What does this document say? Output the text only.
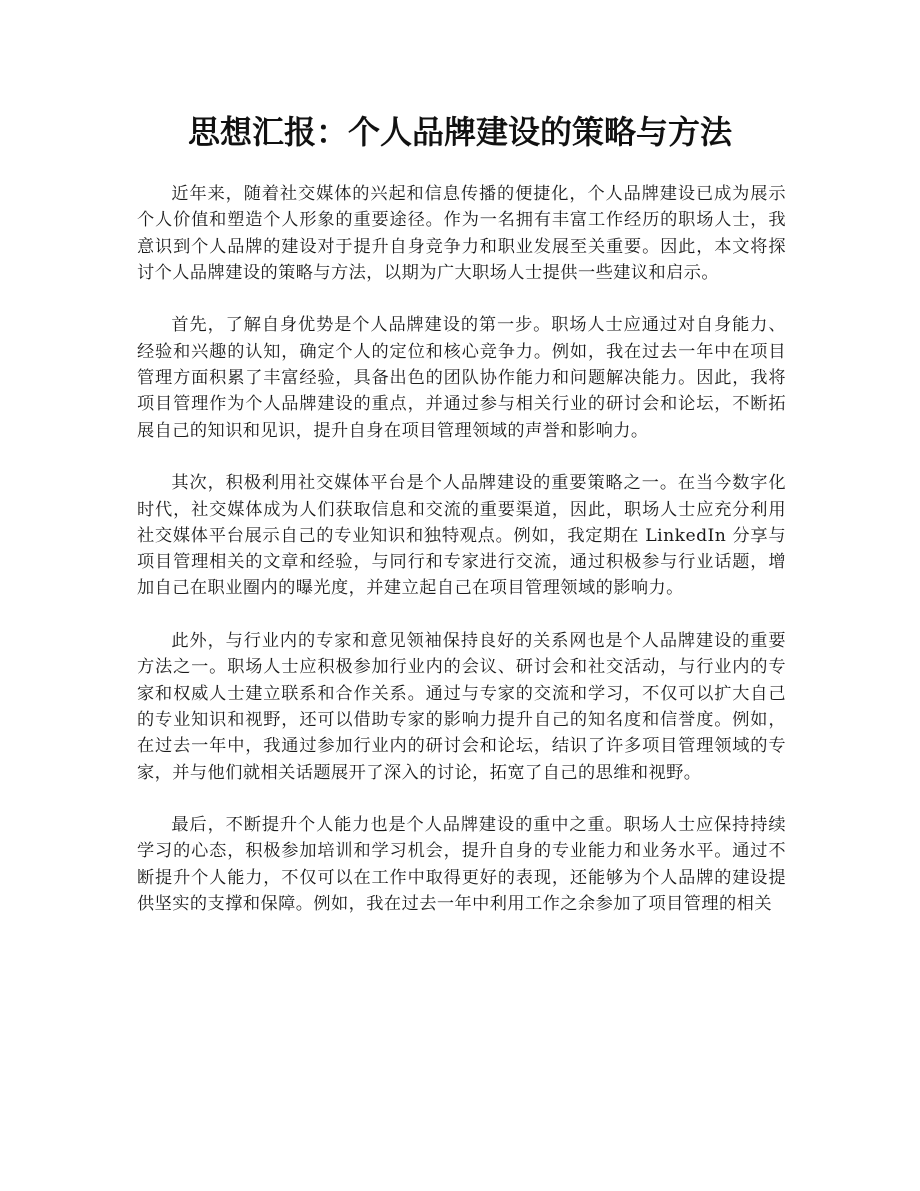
思想汇报：个人品牌建设的策略与方法

近年来，随着社交媒体的兴起和信息传播的便捷化，个人品牌建设已成为展示个人价值和塑造个人形象的重要途径。作为一名拥有丰富工作经历的职场人士，我意识到个人品牌的建设对于提升自身竞争力和职业发展至关重要。因此，本文将探讨个人品牌建设的策略与方法，以期为广大职场人士提供一些建议和启示。

首先，了解自身优势是个人品牌建设的第一步。职场人士应通过对自身能力、经验和兴趣的认知，确定个人的定位和核心竞争力。例如，我在过去一年中在项目管理方面积累了丰富经验，具备出色的团队协作能力和问题解决能力。因此，我将项目管理作为个人品牌建设的重点，并通过参与相关行业的研讨会和论坛，不断拓展自己的知识和见识，提升自身在项目管理领域的声誉和影响力。

其次，积极利用社交媒体平台是个人品牌建设的重要策略之一。在当今数字化时代，社交媒体成为人们获取信息和交流的重要渠道，因此，职场人士应充分利用社交媒体平台展示自己的专业知识和独特观点。例如，我定期在 LinkedIn 分享与项目管理相关的文章和经验，与同行和专家进行交流，通过积极参与行业话题，增加自己在职业圈内的曝光度，并建立起自己在项目管理领域的影响力。

此外，与行业内的专家和意见领袖保持良好的关系网也是个人品牌建设的重要方法之一。职场人士应积极参加行业内的会议、研讨会和社交活动，与行业内的专家和权威人士建立联系和合作关系。通过与专家的交流和学习，不仅可以扩大自己的专业知识和视野，还可以借助专家的影响力提升自己的知名度和信誉度。例如，在过去一年中，我通过参加行业内的研讨会和论坛，结识了许多项目管理领域的专家，并与他们就相关话题展开了深入的讨论，拓宽了自己的思维和视野。

最后，不断提升个人能力也是个人品牌建设的重中之重。职场人士应保持持续学习的心态，积极参加培训和学习机会，提升自身的专业能力和业务水平。通过不断提升个人能力，不仅可以在工作中取得更好的表现，还能够为个人品牌的建设提供坚实的支撑和保障。例如，我在过去一年中利用工作之余参加了项目管理的相关
